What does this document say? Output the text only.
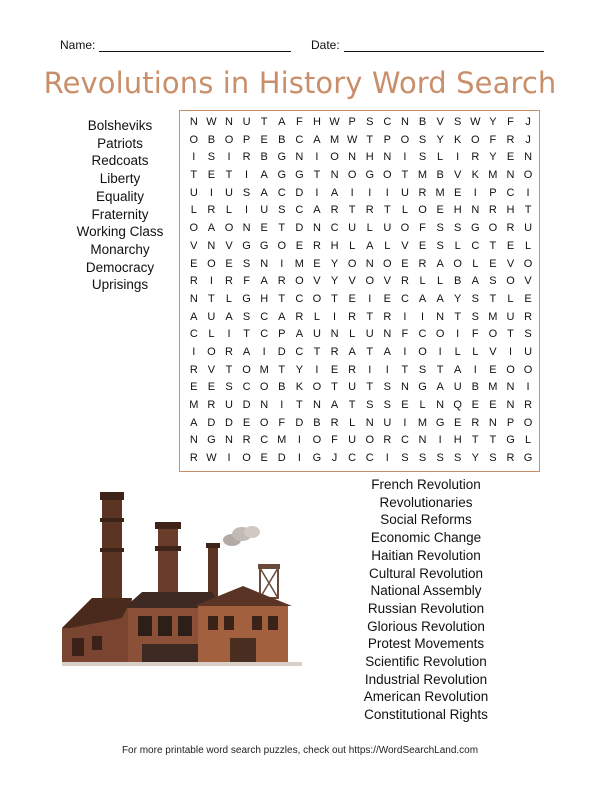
Name:	Date:
Revolutions in History Word Search
Bolsheviks
Patriots
Redcoats
Liberty
Equality
Fraternity
Working Class
Monarchy
Democracy
Uprisings
N W N U T A F H W P S C N B V S W Y F	J
O B O P E B C A M W T P O S Y K O F R J
I	S	I	R B G N	I	O N H N	I	S L	I	R Y E N
T E T	I	A G G T N O G O T M B V K M N O
U	I	U S A C D	I	A	I	I	I	U R M E	I	P C	I
L R L	I	U S C A R T R T	L O E H N R H T
O A O N E T D N C U L U O F S S G O R U
V N V G G O E R H L A L V E S L C T E L
E O E S N	I	M E Y O N O E R A O L E V O
R	I	R F A R O V Y V O V R L	L B A S O V
N T	L G H T C O T E	I	E C A A Y S T	L E
A U A S C A R L	I	R T R	I	I	N T S M U R
C L	I	T C P A U N L U N F C O	I	F O T S
I	O R A	I	D C T R A T A	I	O	I	L	L V	I	U
R V T O M T Y	I	E R	I	I	T S T A	I	E O O
E E S C O B K O T U T S N G A U B M N	I
M R U D N	I	T N A T S S E L N Q E E N R
A D D E O F D B R L N U	I	M G E R N P O
N G N R C M	I	O F U O R C N	I	H T T G L
R W I	O E D	I	G J C C	I	S S S S Y S R G
French Revolution
Revolutionaries
Social Reforms
Economic Change
Haitian Revolution
Cultural Revolution
National Assembly
Russian Revolution
Glorious Revolution
Protest Movements
Scientific Revolution
Industrial Revolution
American Revolution
Constitutional Rights
For more printable word search puzzles, check out https://WordSearchLand.com
